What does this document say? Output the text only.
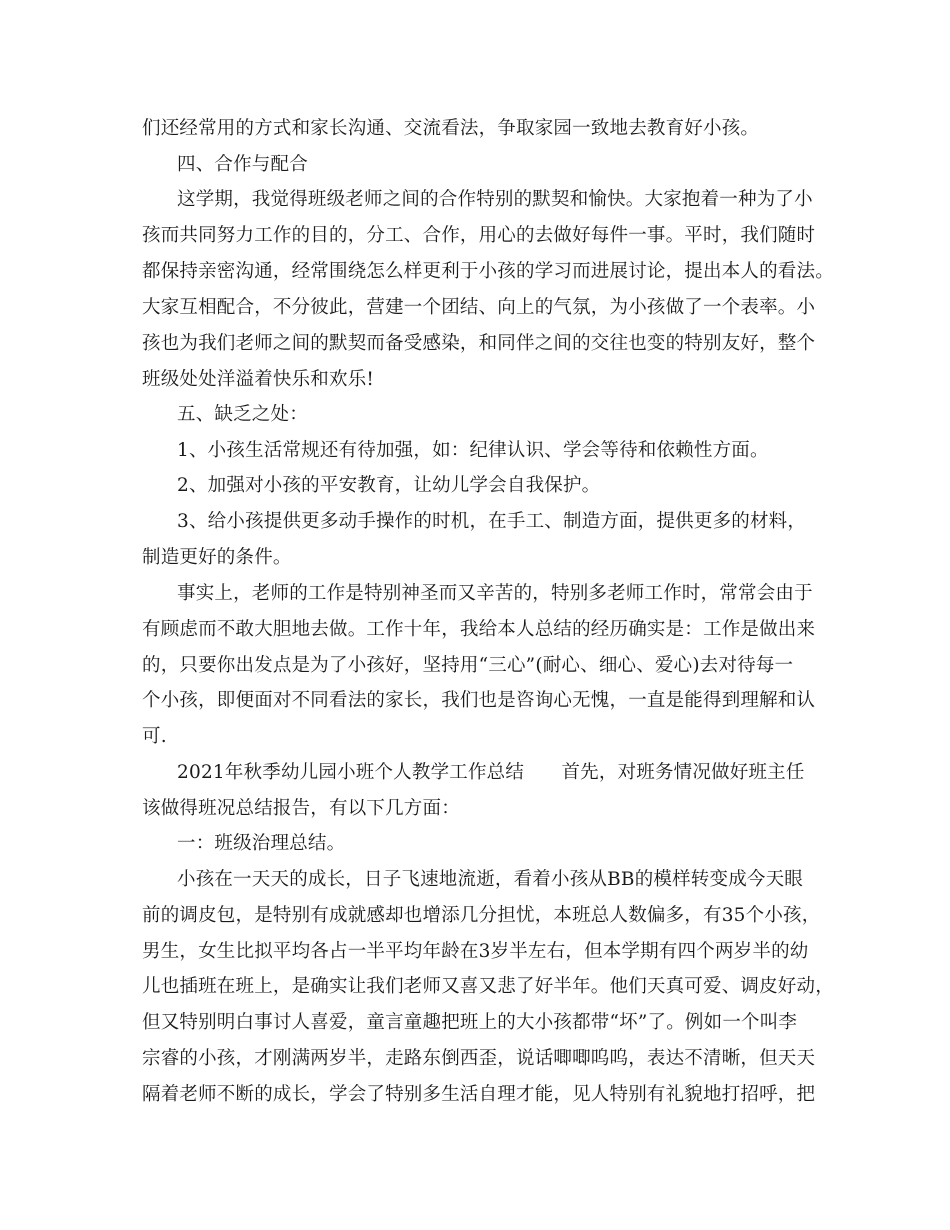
们还经常用的方式和家长沟通、交流看法，争取家园一致地去教育好小孩。
四、合作与配合
这学期，我觉得班级老师之间的合作特别的默契和愉快。大家抱着一种为了小
孩而共同努力工作的目的，分工、合作，用心的去做好每件一事。平时，我们随时
都保持亲密沟通，经常围绕怎么样更利于小孩的学习而进展讨论，提出本人的看法。
大家互相配合，不分彼此，营建一个团结、向上的气氛，为小孩做了一个表率。小
孩也为我们老师之间的默契而备受感染，和同伴之间的交往也变的特别友好，整个
班级处处洋溢着快乐和欢乐!
五、缺乏之处：
1、小孩生活常规还有待加强，如：纪律认识、学会等待和依赖性方面。
2、加强对小孩的平安教育，让幼儿学会自我保护。
3、给小孩提供更多动手操作的时机，在手工、制造方面，提供更多的材料，
制造更好的条件。
事实上，老师的工作是特别神圣而又辛苦的，特别多老师工作时，常常会由于
有顾虑而不敢大胆地去做。工作十年，我给本人总结的经历确实是：工作是做出来
的，只要你出发点是为了小孩好，坚持用“三心”(耐心、细心、爱心)去对待每一
个小孩，即便面对不同看法的家长，我们也是咨询心无愧，一直是能得到理解和认
可.
2021年秋季幼儿园小班个人教学工作总结　　首先，对班务情况做好班主任
该做得班况总结报告，有以下几方面：
一：班级治理总结。
小孩在一天天的成长，日子飞速地流逝，看着小孩从BB的模样转变成今天眼
前的调皮包，是特别有成就感却也增添几分担忧，本班总人数偏多，有35个小孩，
男生，女生比拟平均各占一半平均年龄在3岁半左右，但本学期有四个两岁半的幼
儿也插班在班上，是确实让我们老师又喜又悲了好半年。他们天真可爱、调皮好动，
但又特别明白事讨人喜爱，童言童趣把班上的大小孩都带“坏”了。例如一个叫李
宗睿的小孩，才刚满两岁半，走路东倒西歪，说话唧唧呜呜，表达不清晰，但天天
隔着老师不断的成长，学会了特别多生活自理才能，见人特别有礼貌地打招呼，把
